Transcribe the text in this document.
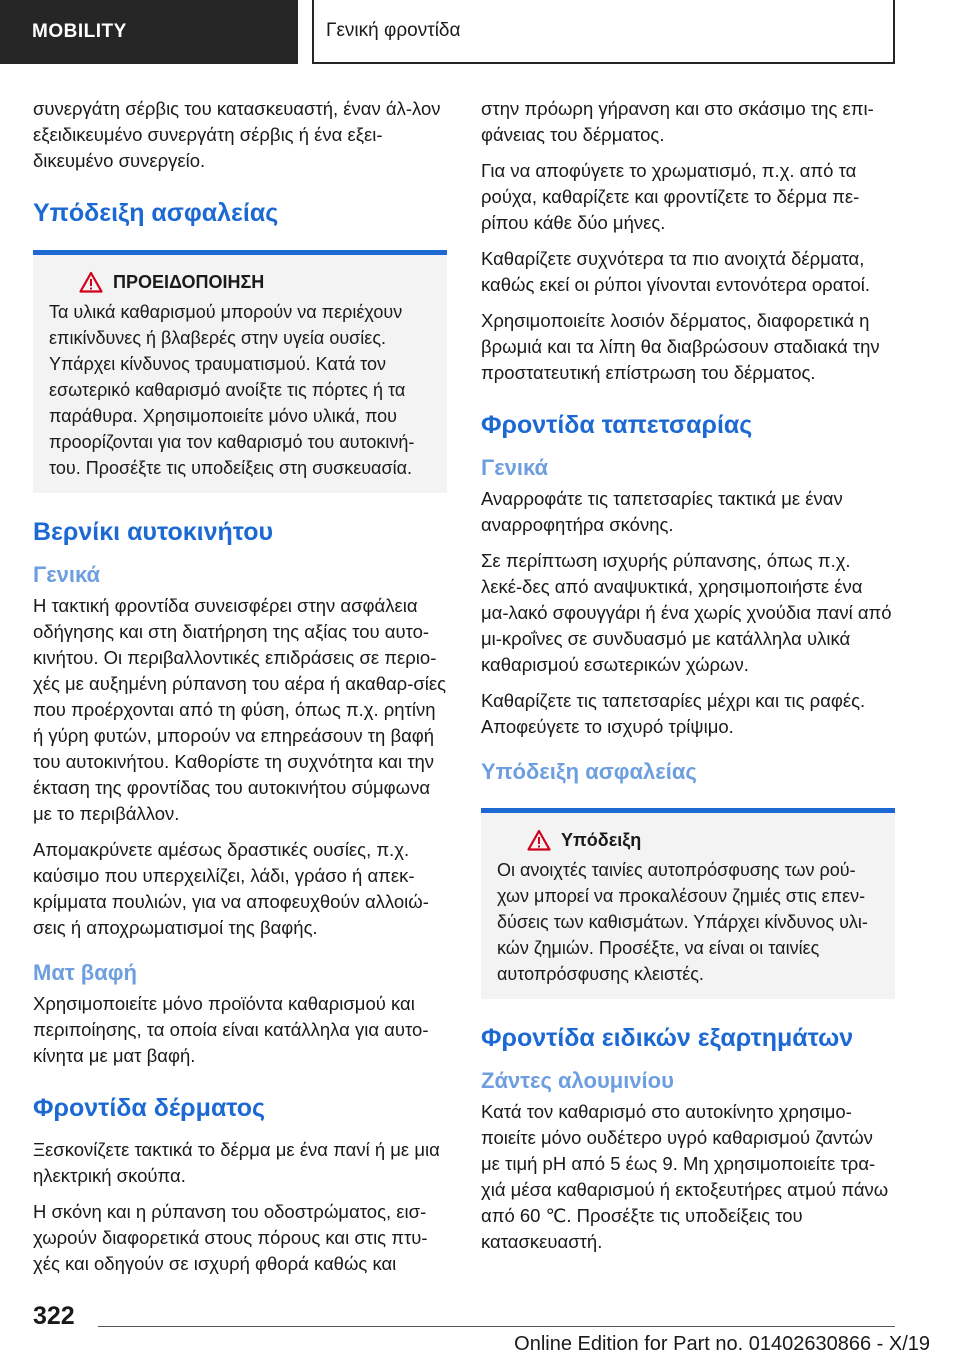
MOBILITY	Γενική φροντίδα

συνεργάτη σέρβις του κατασκευαστή, έναν άλ-λον εξειδικευμένο συνεργάτη σέρβις ή ένα εξει-δικευμένο συνεργείο.

Υπόδειξη ασφαλείας
ΠΡΟΕΙΔΟΠΟΙΗΣΗ

Τα υλικά καθαρισμού μπορούν να περιέχουν επικίνδυνες ή βλαβερές στην υγεία ουσίες. Υπάρχει κίνδυνος τραυματισμού. Κατά τον εσωτερικό καθαρισμό ανοίξτε τις πόρτες ή τα παράθυρα. Χρησιμοποιείτε μόνο υλικά, που προορίζονται για τον καθαρισμό του αυτοκινή-του. Προσέξτε τις υποδείξεις στη συσκευασία.

Βερνίκι αυτοκινήτου
Γενικά

Η τακτική φροντίδα συνεισφέρει στην ασφάλεια οδήγησης και στη διατήρηση της αξίας του αυτο-κινήτου. Οι περιβαλλοντικές επιδράσεις σε περιο-χές με αυξημένη ρύπανση του αέρα ή ακαθαρ-σίες που προέρχονται από τη φύση, όπως π.χ. ρητίνη ή γύρη φυτών, μπορούν να επηρεάσουν τη βαφή του αυτοκινήτου. Καθορίστε τη συχνότητα και την έκταση της φροντίδας του αυτοκινήτου σύμφωνα με το περιβάλλον.

Απομακρύνετε αμέσως δραστικές ουσίες, π.χ. καύσιμο που υπερχειλίζει, λάδι, γράσο ή απεκ-κρίμματα πουλιών, για να αποφευχθούν αλλοιώ-σεις ή αποχρωματισμοί της βαφής.

Ματ βαφή

Χρησιμοποιείτε μόνο προϊόντα καθαρισμού και περιποίησης, τα οποία είναι κατάλληλα για αυτο-κίνητα με ματ βαφή.

Φροντίδα δέρματος

Ξεσκονίζετε τακτικά το δέρμα με ένα πανί ή με μια ηλεκτρική σκούπα.

Η σκόνη και η ρύπανση του οδοστρώματος, εισ-χωρούν διαφορετικά στους πόρους και στις πτυ-χές και οδηγούν σε ισχυρή φθορά καθώς και

στην πρόωρη γήρανση και στο σκάσιμο της επι-φάνειας του δέρματος.

Για να αποφύγετε το χρωματισμό, π.χ. από τα ρούχα, καθαρίζετε και φροντίζετε το δέρμα πε-ρίπου κάθε δύο μήνες.

Καθαρίζετε συχνότερα τα πιο ανοιχτά δέρματα, καθώς εκεί οι ρύποι γίνονται εντονότερα ορατοί.

Χρησιμοποιείτε λοσιόν δέρματος, διαφορετικά η βρωμιά και τα λίπη θα διαβρώσουν σταδιακά την προστατευτική επίστρωση του δέρματος.

Φροντίδα ταπετσαρίας
Γενικά

Αναρροφάτε τις ταπετσαρίες τακτικά με έναν αναρροφητήρα σκόνης.

Σε περίπτωση ισχυρής ρύπανσης, όπως π.χ. λεκέ-δες από αναψυκτικά, χρησιμοποιήστε ένα μα-λακό σφουγγάρι ή ένα χωρίς χνούδια πανί από μι-κροΐνες σε συνδυασμό με κατάλληλα υλικά καθαρισμού εσωτερικών χώρων.

Καθαρίζετε τις ταπετσαρίες μέχρι και τις ραφές. Αποφεύγετε το ισχυρό τρίψιμο.

Υπόδειξη ασφαλείας
Υπόδειξη

Οι ανοιχτές ταινίες αυτοπρόσφυσης των ρού-χων μπορεί να προκαλέσουν ζημιές στις επεν-δύσεις των καθισμάτων. Υπάρχει κίνδυνος υλι-κών ζημιών. Προσέξτε, να είναι οι ταινίες αυτοπρόσφυσης κλειστές.

Φροντίδα ειδικών εξαρτημάτων
Ζάντες αλουμινίου

Κατά τον καθαρισμό στο αυτοκίνητο χρησιμο-ποιείτε μόνο ουδέτερο υγρό καθαρισμού ζαντών με τιμή pH από 5 έως 9. Μη χρησιμοποιείτε τρα-χιά μέσα καθαρισμού ή εκτοξευτήρες ατμού πάνω από 60 ℃. Προσέξτε τις υποδείξεις του κατασκευαστή.

322
Online Edition for Part no. 01402630866 - X/19
